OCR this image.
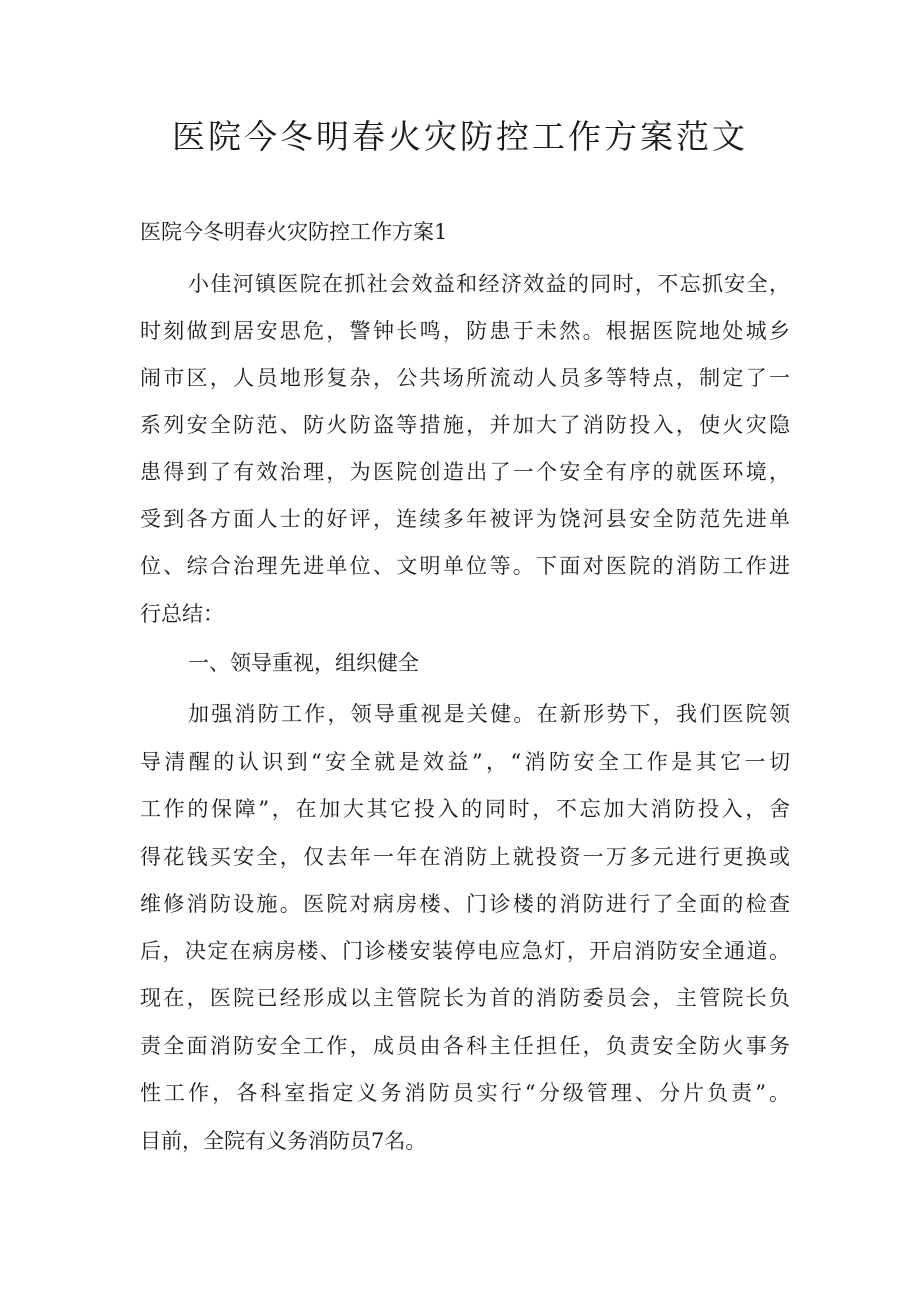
医院今冬明春火灾防控工作方案范文
医院今冬明春火灾防控工作方案1
小佳河镇医院在抓社会效益和经济效益的同时，不忘抓安全，
时刻做到居安思危，警钟长鸣，防患于未然。根据医院地处城乡
闹市区，人员地形复杂，公共场所流动人员多等特点，制定了一
系列安全防范、防火防盗等措施，并加大了消防投入，使火灾隐
患得到了有效治理，为医院创造出了一个安全有序的就医环境，
受到各方面人士的好评，连续多年被评为饶河县安全防范先进单
位、综合治理先进单位、文明单位等。下面对医院的消防工作进
行总结：
一、领导重视，组织健全
加强消防工作，领导重视是关健。在新形势下，我们医院领
导清醒的认识到“安全就是效益”，“消防安全工作是其它一切
工作的保障”，在加大其它投入的同时，不忘加大消防投入，舍
得花钱买安全，仅去年一年在消防上就投资一万多元进行更换或
维修消防设施。医院对病房楼、门诊楼的消防进行了全面的检查
后，决定在病房楼、门诊楼安装停电应急灯，开启消防安全通道。
现在，医院已经形成以主管院长为首的消防委员会，主管院长负
责全面消防安全工作，成员由各科主任担任，负责安全防火事务
性工作，各科室指定义务消防员实行“分级管理、分片负责”。
目前，全院有义务消防员7名。
